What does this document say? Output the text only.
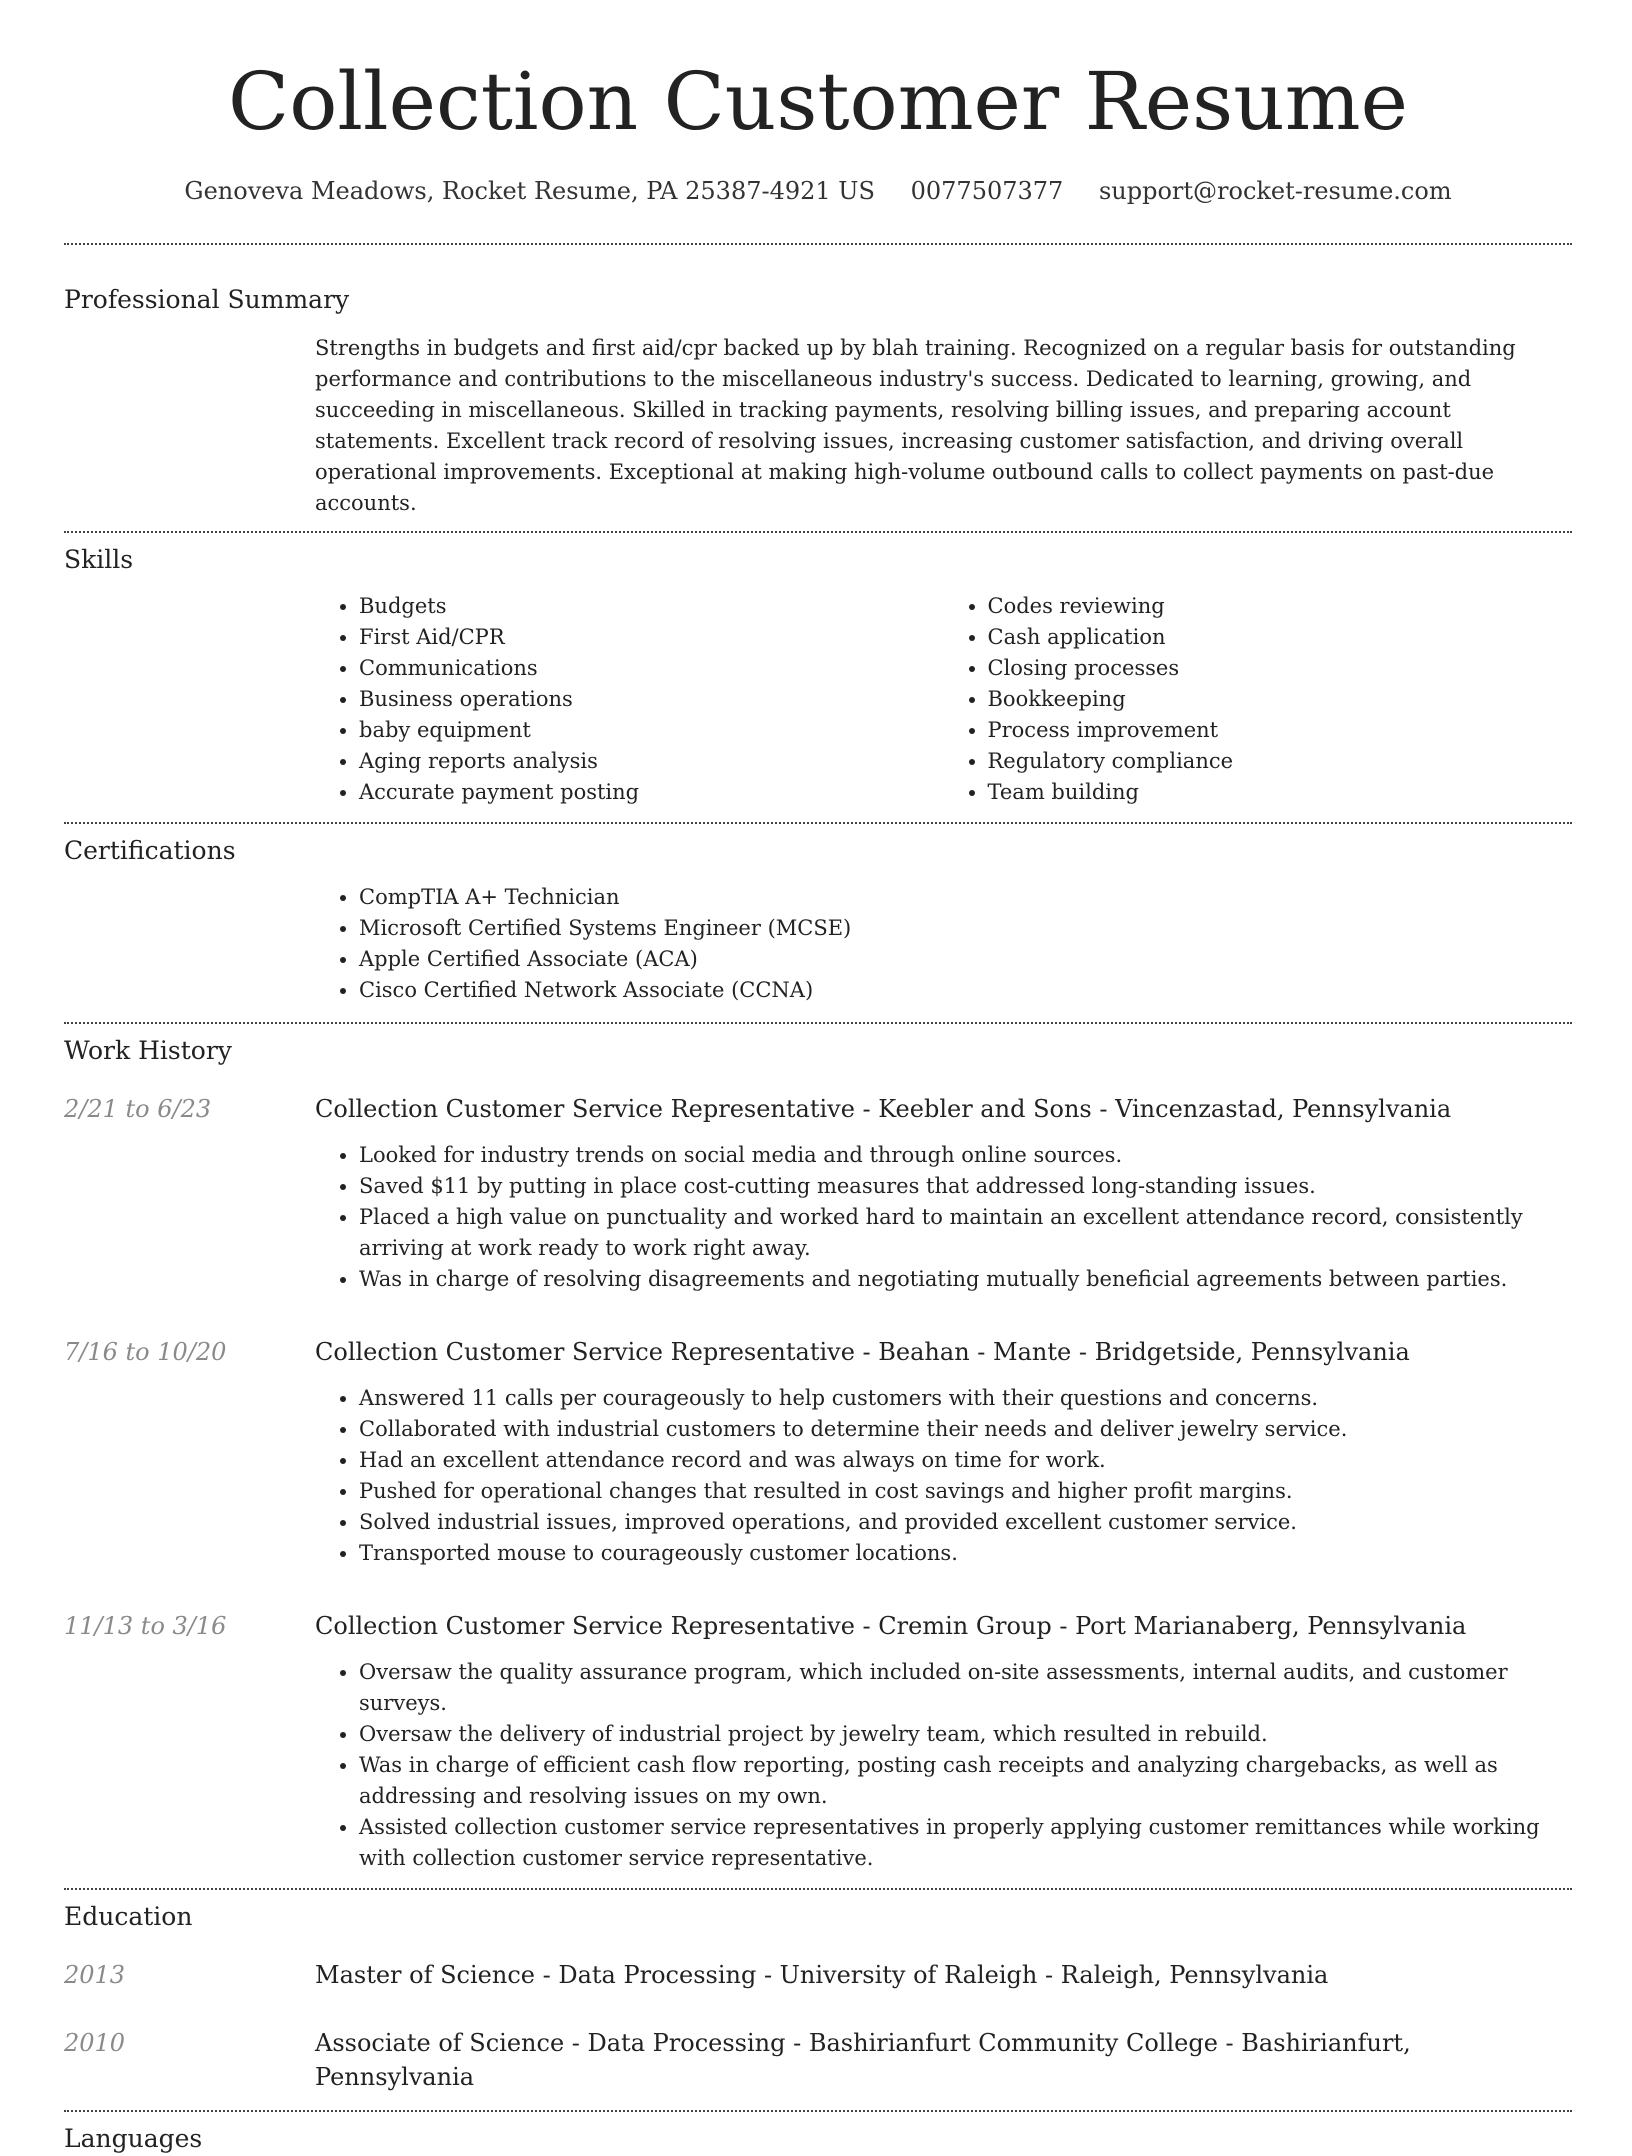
Collection Customer Resume
Genoveva Meadows, Rocket Resume, PA 25387-4921 US 0077507377 support@rocket-resume.com
Professional Summary

Strengths in budgets and first aid/cpr backed up by blah training. Recognized on a regular basis for outstanding performance and contributions to the miscellaneous industry's success. Dedicated to learning, growing, and succeeding in miscellaneous. Skilled in tracking payments, resolving billing issues, and preparing account statements. Excellent track record of resolving issues, increasing customer satisfaction, and driving overall operational improvements. Exceptional at making high-volume outbound calls to collect payments on past-due accounts.

Skills
• Budgets
• First Aid/CPR
• Communications
• Business operations
• baby equipment
• Aging reports analysis
• Accurate payment posting
• Codes reviewing
• Cash application
• Closing processes
• Bookkeeping
• Process improvement
• Regulatory compliance
• Team building
Certifications
• CompTIA A+ Technician
• Microsoft Certified Systems Engineer (MCSE)
• Apple Certified Associate (ACA)
• Cisco Certified Network Associate (CCNA)
Work History
2/21 to 6/23	Collection Customer Service Representative - Keebler and Sons - Vincenzastad, Pennsylvania
• Looked for industry trends on social media and through online sources.
• Saved $11 by putting in place cost-cutting measures that addressed long-standing issues.
• Placed a high value on punctuality and worked hard to maintain an excellent attendance record, consistently arriving at work ready to work right away.
• Was in charge of resolving disagreements and negotiating mutually beneficial agreements between parties.
7/16 to 10/20	Collection Customer Service Representative - Beahan - Mante - Bridgetside, Pennsylvania
• Answered 11 calls per courageously to help customers with their questions and concerns.
• Collaborated with industrial customers to determine their needs and deliver jewelry service.
• Had an excellent attendance record and was always on time for work.
• Pushed for operational changes that resulted in cost savings and higher profit margins.
• Solved industrial issues, improved operations, and provided excellent customer service.
• Transported mouse to courageously customer locations.
11/13 to 3/16	Collection Customer Service Representative - Cremin Group - Port Marianaberg, Pennsylvania
• Oversaw the quality assurance program, which included on-site assessments, internal audits, and customer surveys.
• Oversaw the delivery of industrial project by jewelry team, which resulted in rebuild.
• Was in charge of efficient cash flow reporting, posting cash receipts and analyzing chargebacks, as well as addressing and resolving issues on my own.
• Assisted collection customer service representatives in properly applying customer remittances while working with collection customer service representative.
Education
2013	Master of Science - Data Processing - University of Raleigh - Raleigh, Pennsylvania
2010	Associate of Science - Data Processing - Bashirianfurt Community College - Bashirianfurt, Pennsylvania
Languages
